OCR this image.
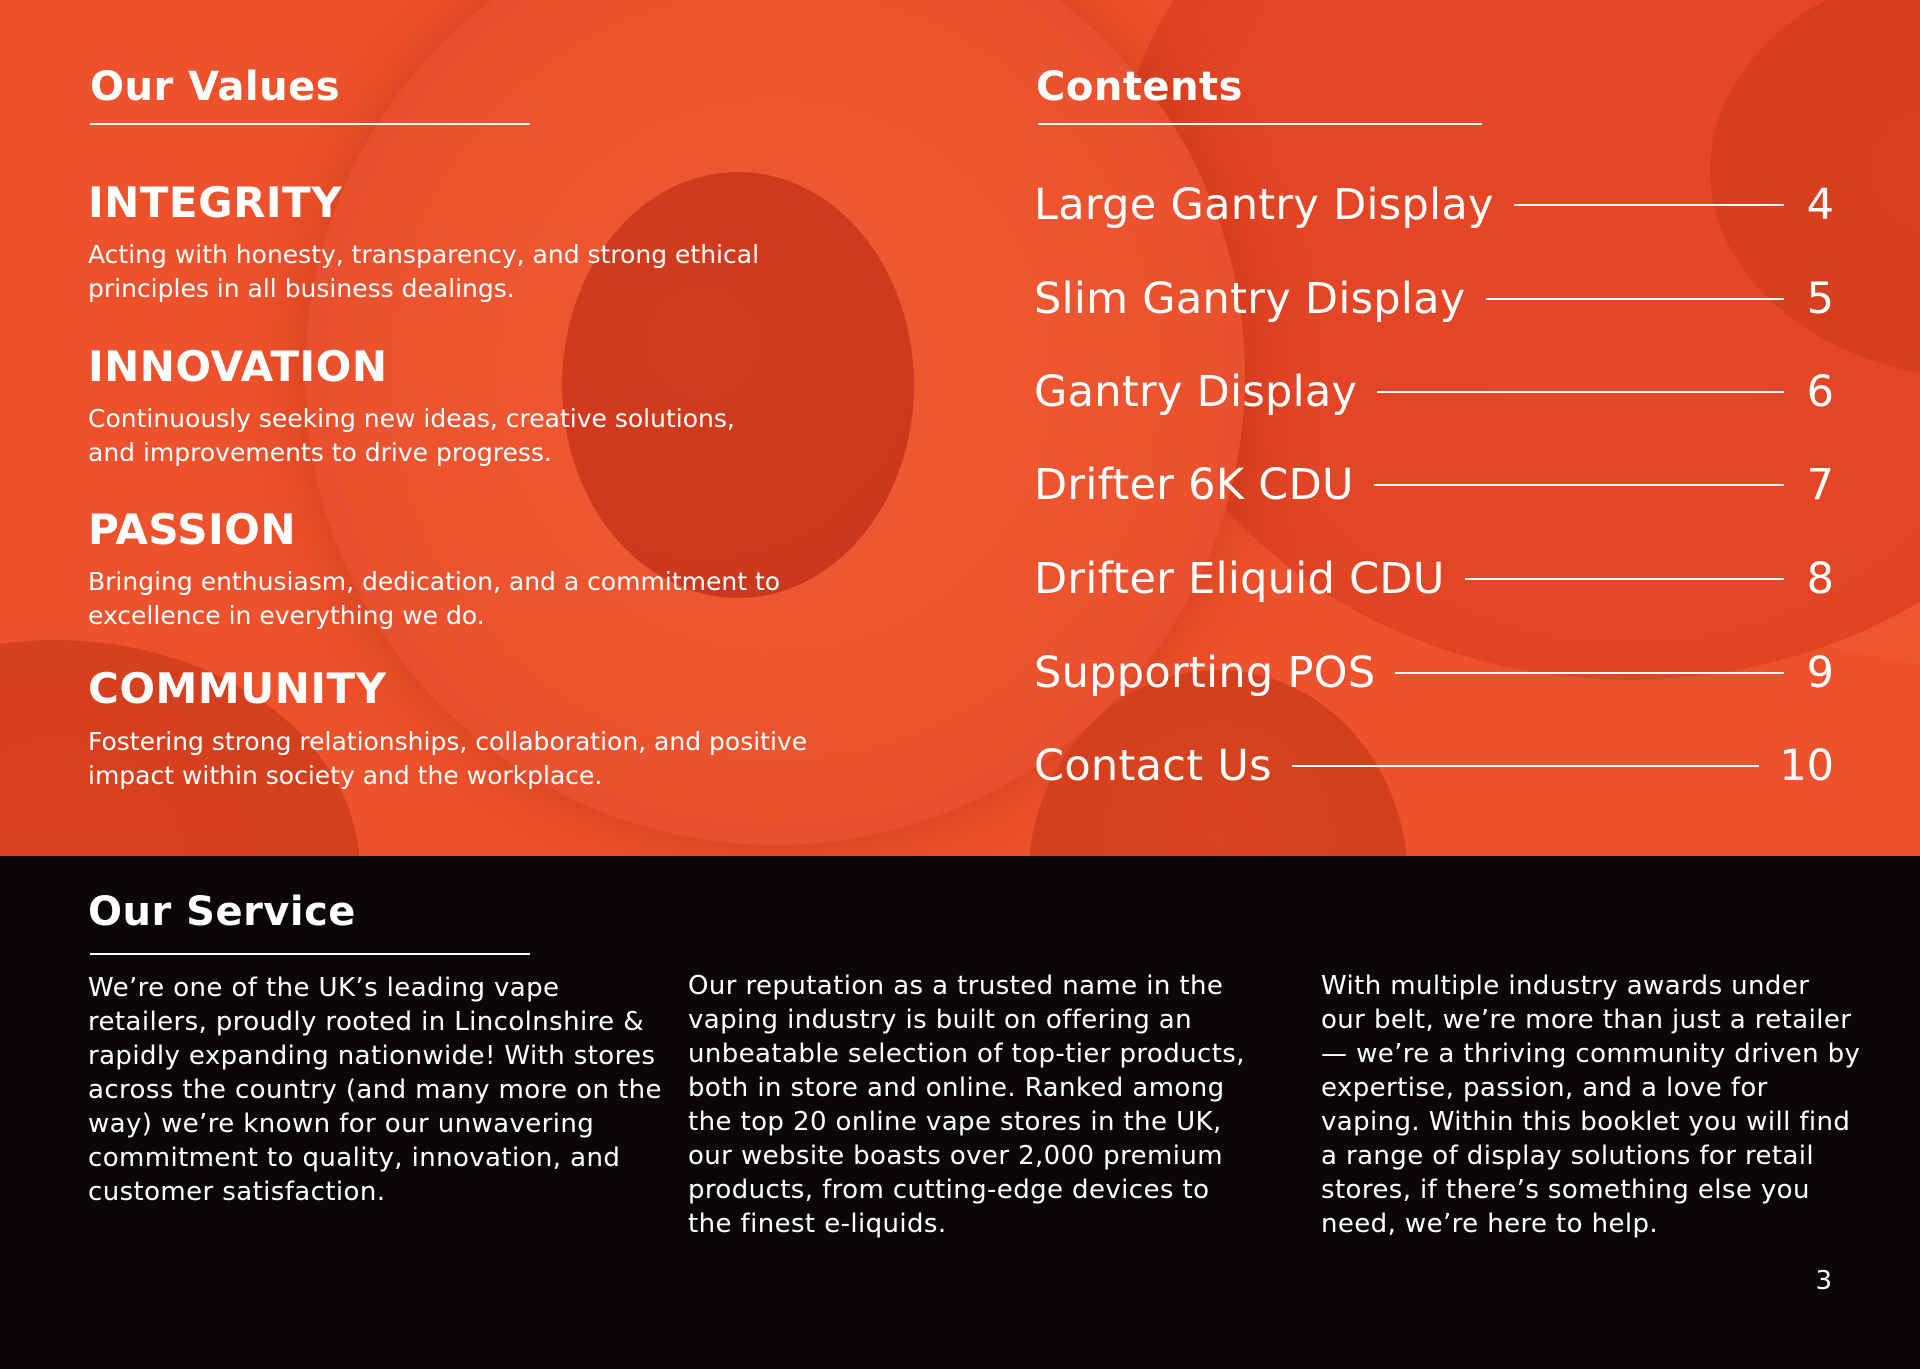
Our Values
INTEGRITY

Acting with honesty, transparency, and strong ethical principles in all business dealings.

INNOVATION

Continuously seeking new ideas, creative solutions, and improvements to drive progress.

PASSION

Bringing enthusiasm, dedication, and a commitment to excellence in everything we do.

COMMUNITY

Fostering strong relationships, collaboration, and positive impact within society and the workplace.

Contents
Large Gantry Display	4
Slim Gantry Display	5
Gantry Display	6
Drifter 6K CDU	7
Drifter Eliquid CDU	8
Supporting POS	9
Contact Us	10
Our Service

We’re one of the UK’s leading vape retailers, proudly rooted in Lincolnshire & rapidly expanding nationwide! With stores across the country (and many more on the way) we’re known for our unwavering commitment to quality, innovation, and customer satisfaction.

Our reputation as a trusted name in the vaping industry is built on offering an unbeatable selection of top-tier products, both in store and online. Ranked among the top 20 online vape stores in the UK, our website boasts over 2,000 premium products, from cutting-edge devices to the finest e-liquids.

With multiple industry awards under our belt, we’re more than just a retailer — we’re a thriving community driven by expertise, passion, and a love for vaping. Within this booklet you will find a range of display solutions for retail stores, if there’s something else you need, we’re here to help.

3
